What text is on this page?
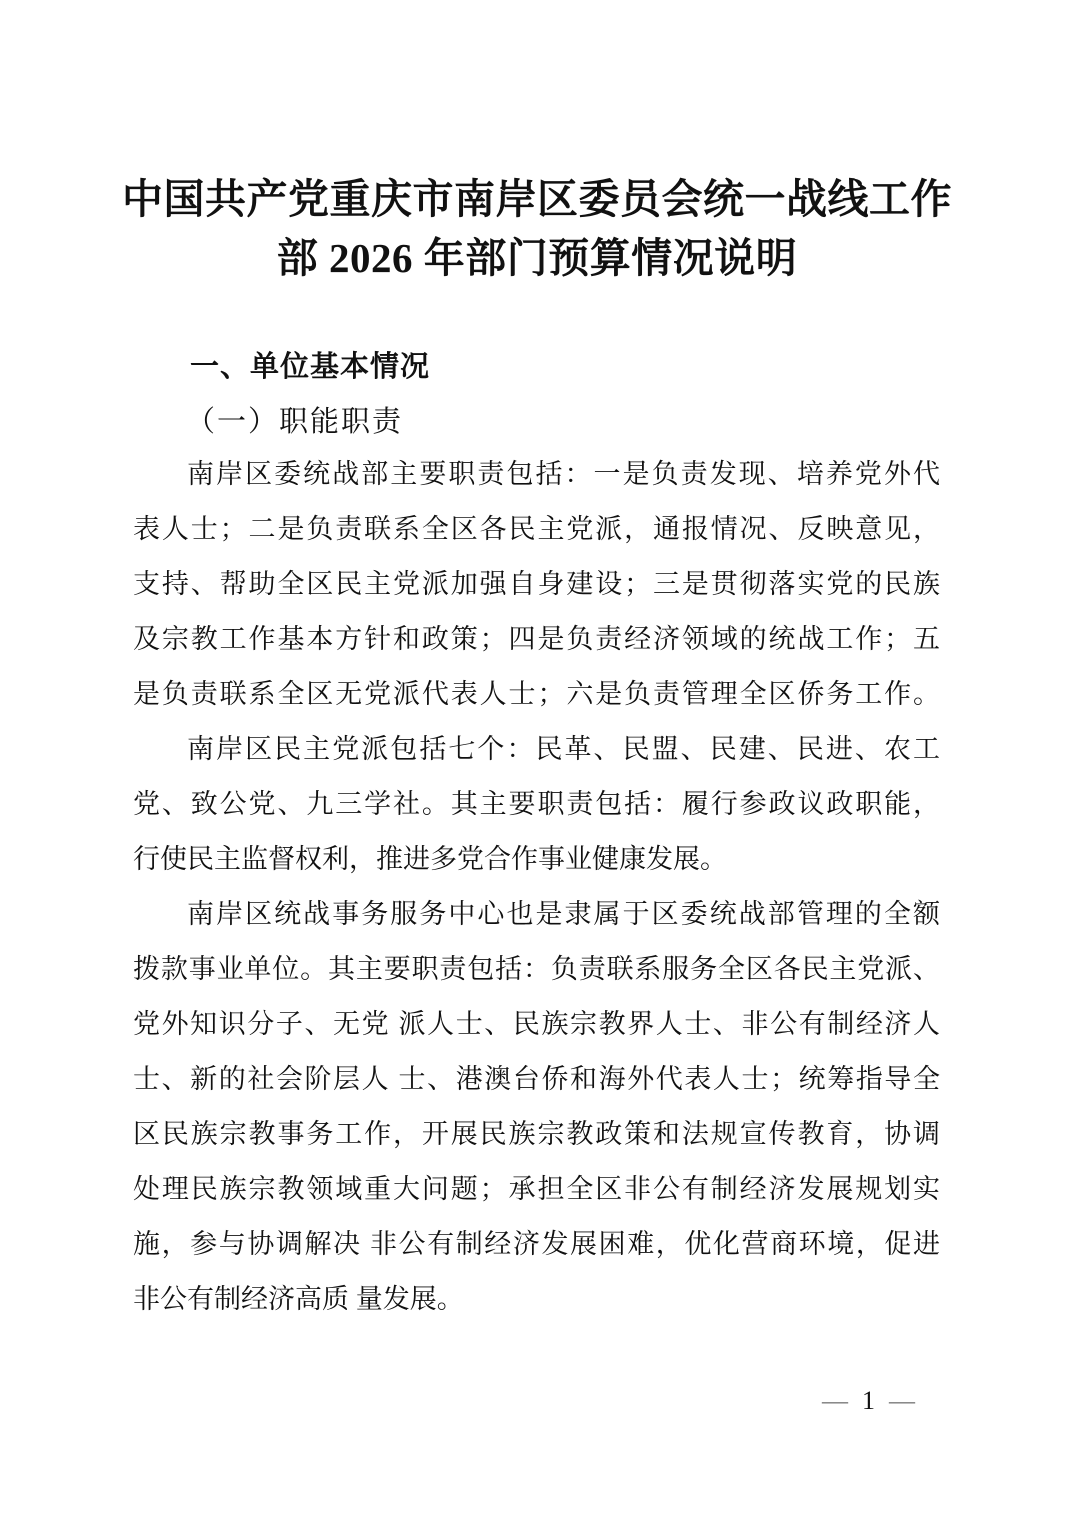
中国共产党重庆市南岸区委员会统一战线工作
部 2026 年部门预算情况说明
一、单位基本情况
（一）职能职责
南岸区委统战部主要职责包括：一是负责发现、培养党外代
表人士；二是负责联系全区各民主党派，通报情况、反映意见，
支持、帮助全区民主党派加强自身建设；三是贯彻落实党的民族
及宗教工作基本方针和政策；四是负责经济领域的统战工作；五
是负责联系全区无党派代表人士；六是负责管理全区侨务工作。
南岸区民主党派包括七个：民革、民盟、民建、民进、农工
党、致公党、九三学社。其主要职责包括：履行参政议政职能，
行使民主监督权利，推进多党合作事业健康发展。
南岸区统战事务服务中心也是隶属于区委统战部管理的全额
拨款事业单位。其主要职责包括：负责联系服务全区各民主党派、
党外知识分子、无党 派人士、民族宗教界人士、非公有制经济人
士、新的社会阶层人 士、港澳台侨和海外代表人士；统筹指导全
区民族宗教事务工作，开展民族宗教政策和法规宣传教育，协调
处理民族宗教领域重大问题；承担全区非公有制经济发展规划实
施，参与协调解决 非公有制经济发展困难，优化营商环境，促进
非公有制经济高质 量发展。
— 1 —
